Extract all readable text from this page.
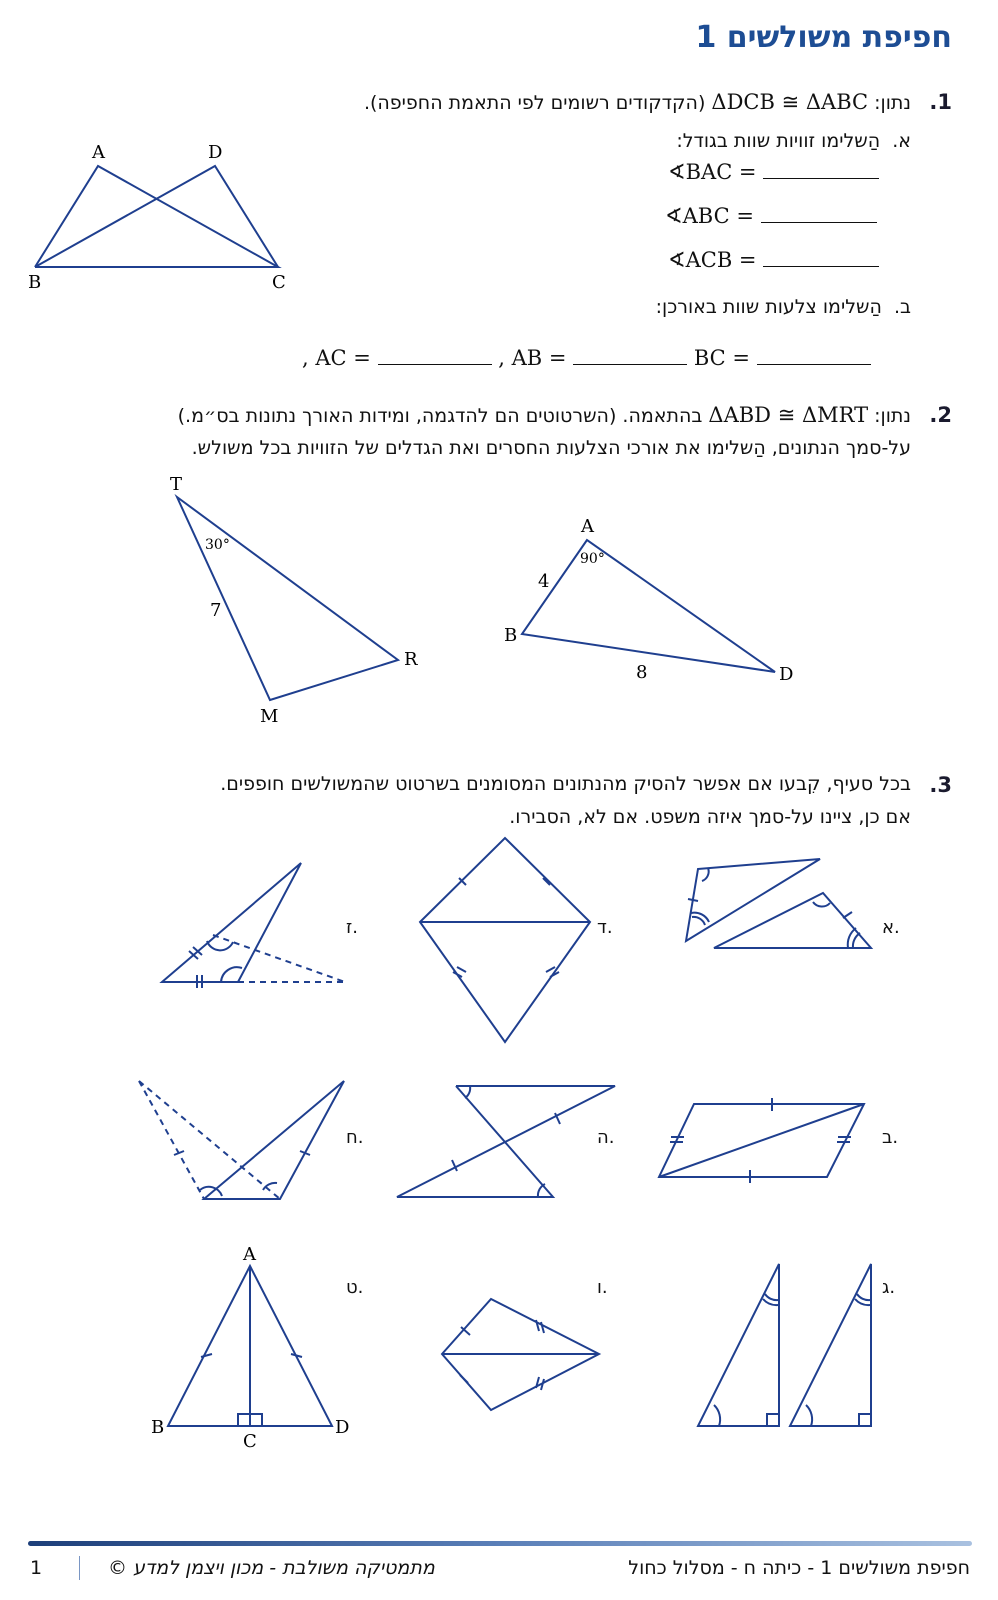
חפיפת משולשים 1
.1
נתון: ΔDCB ≅ ΔABC (הקדקודים רשומים לפי התאמת החפיפה).
א.  הַשלימו זוויות שוות בגודל:
∢BAC =
∢ABC =
∢ACB =
ב.  הַשלימו צלעות שוות באורכן:
, AC =	, AB =	BC =
A	D
B	C
.2
נתון: ΔABD ≅ ΔMRT בהתאמה. (השרטוטים הם להדגמה, ומידות האורך נתונות בס״מ.)
על-סמך הנתונים, הַשלימו את אורכי הצלעות החסרים ואת הגדלים של הזוויות בכל משולש.
T
R
M
30°
7
A
B
D
90°
4
8
.3
בכל סעיף, קִבעו אם אפשר להסיק מהנתונים המסומנים בשרטוט שהמשולשים חופפים.
אם כן, ציינו על-סמך איזה משפט. אם לא, הסבירו.
א.
ד.
ז.
ב.
ה.
ח.
ג.
ו.
ט.
A
B
C
D
חפיפת משולשים 1 - כיתה ח - מסלול כחול
מתמטיקה משולבת - מכון ויצמן למדע ©
1
